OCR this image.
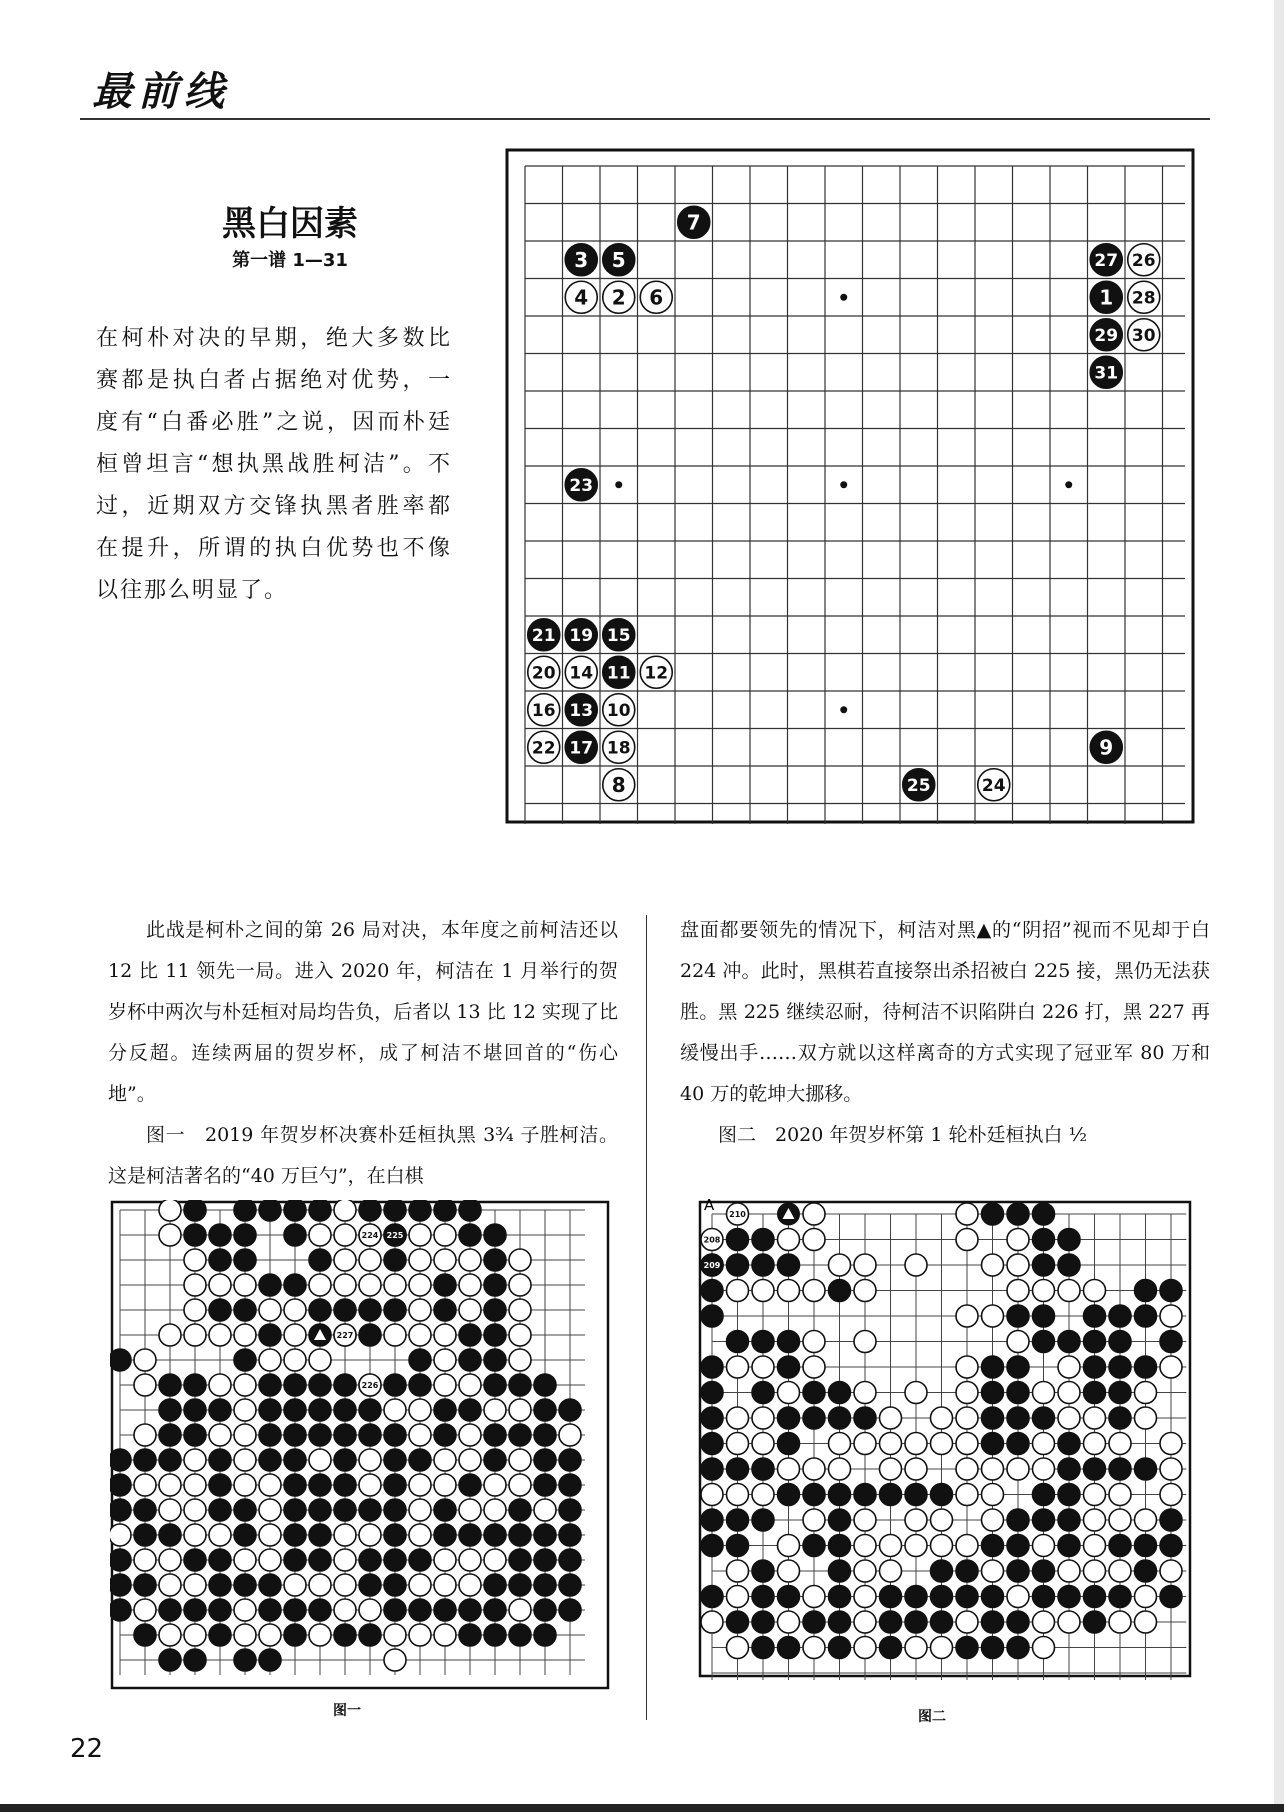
最前线
黑白因素
第一谱 1—31
在柯朴对决的早期，绝大多数比赛都是执白者占据绝对优势，一度有“白番必胜”之说，因而朴廷桓曾坦言“想执黑战胜柯洁”。不过，近期双方交锋执黑者胜率都在提升，所谓的执白优势也不像以往那么明显了。
1
2
3
4
5
6
7
8
9
10
11 12
13
14
15
16
17 18
19
20
21
22
23
24
25
26
27
28
29 30
31
此战是柯朴之间的第 26 局对决，本年度之前柯洁还以 12 比 11 领先一局。进入 2020 年，柯洁在 1 月举行的贺岁杯中两次与朴廷桓对局均告负，后者以 13 比 12 实现了比分反超。连续两届的贺岁杯，成了柯洁不堪回首的“伤心地”。
图一　2019 年贺岁杯决赛朴廷桓执黑 3¾ 子胜柯洁。这是柯洁著名的“40 万巨勺”，在白棋
盘面都要领先的情况下，柯洁对黑▲的“阴招”视而不见却于白 224 冲。此时，黑棋若直接祭出杀招被白 225 接，黑仍无法获胜。黑 225 继续忍耐，待柯洁不识陷阱白 226 打，黑 227 再缓慢出手……双方就以这样离奇的方式实现了冠亚军 80 万和 40 万的乾坤大挪移。
图二　2020 年贺岁杯第 1 轮朴廷桓执白 ½
224 225
227
226
图一
210
208
209
A
图二
22
